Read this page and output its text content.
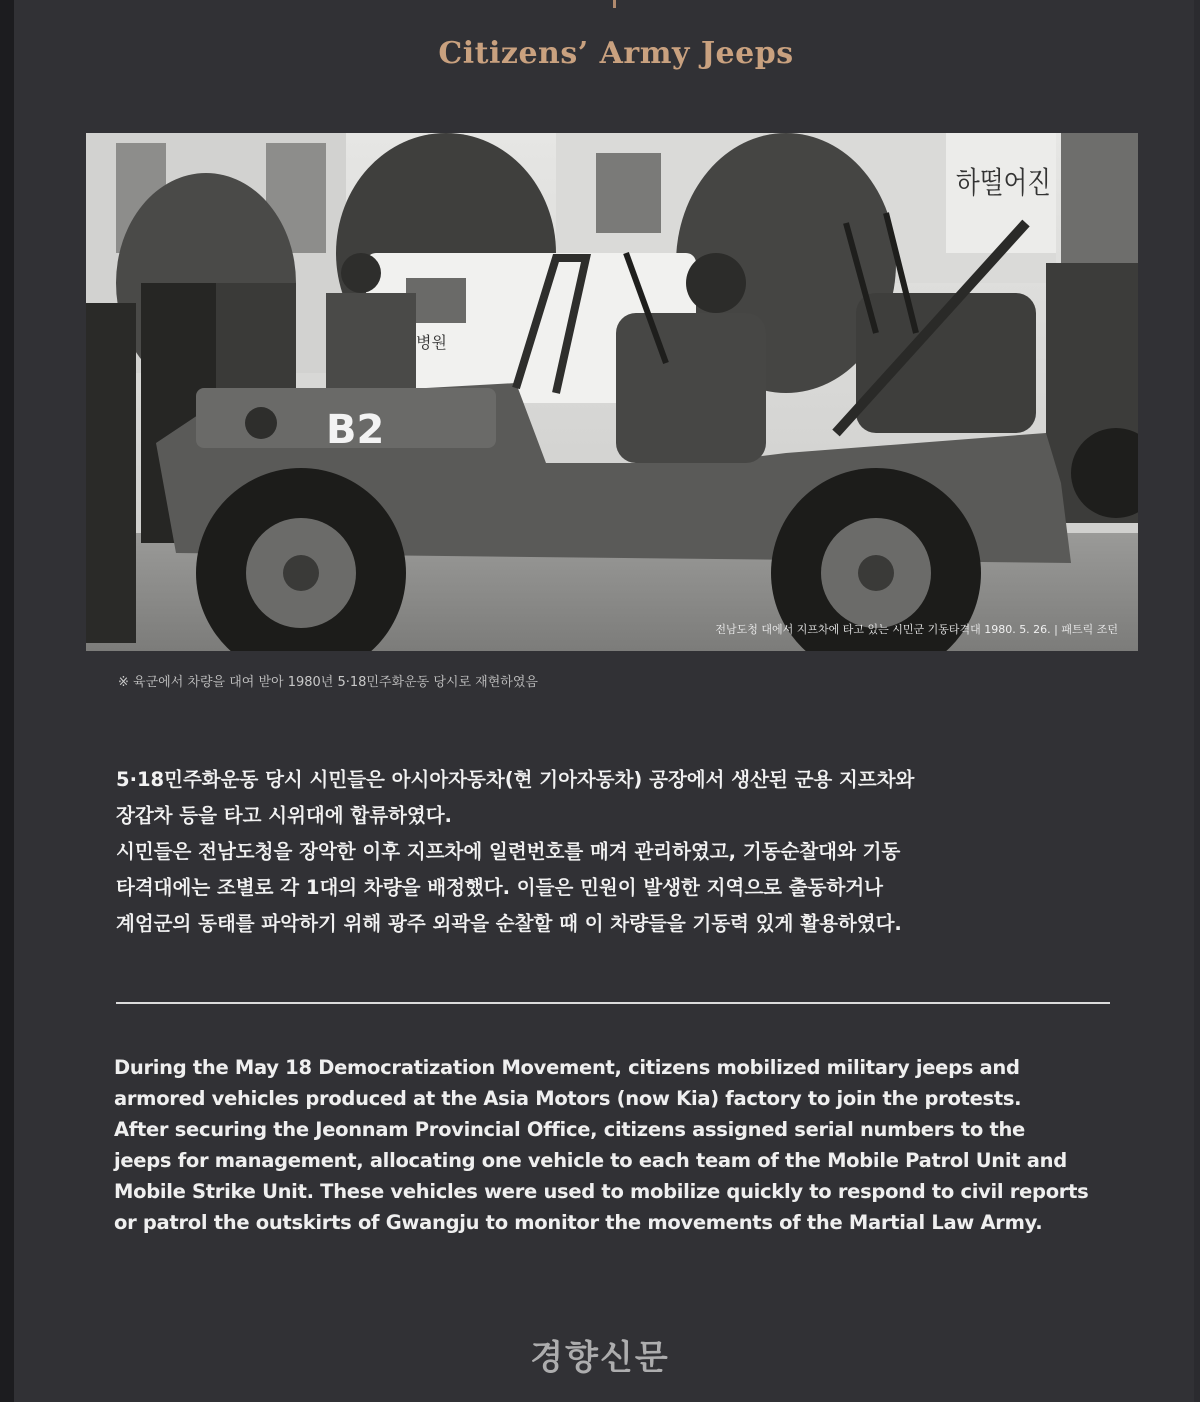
Citizens’ Army Jeeps
하떨어진
병원
B2
전남도청 대에서 지프차에 타고 있는 시민군 기동타격대 1980. 5. 26. | 패트릭 조던
※ 육군에서 차량을 대여 받아 1980년 5·18민주화운동 당시로 재현하였음

5·18민주화운동 당시 시민들은 아시아자동차(현 기아자동차) 공장에서 생산된 군용 지프차와

장갑차 등을 타고 시위대에 합류하였다.

시민들은 전남도청을 장악한 이후 지프차에 일련번호를 매겨 관리하였고, 기동순찰대와 기동

타격대에는 조별로 각 1대의 차량을 배정했다. 이들은 민원이 발생한 지역으로 출동하거나

계엄군의 동태를 파악하기 위해 광주 외곽을 순찰할 때 이 차량들을 기동력 있게 활용하였다.

During the May 18 Democratization Movement, citizens mobilized military jeeps and

armored vehicles produced at the Asia Motors (now Kia) factory to join the protests.

After securing the Jeonnam Provincial Office, citizens assigned serial numbers to the

jeeps for management, allocating one vehicle to each team of the Mobile Patrol Unit and

Mobile Strike Unit. These vehicles were used to mobilize quickly to respond to civil reports

or patrol the outskirts of Gwangju to monitor the movements of the Martial Law Army.

경향신문
